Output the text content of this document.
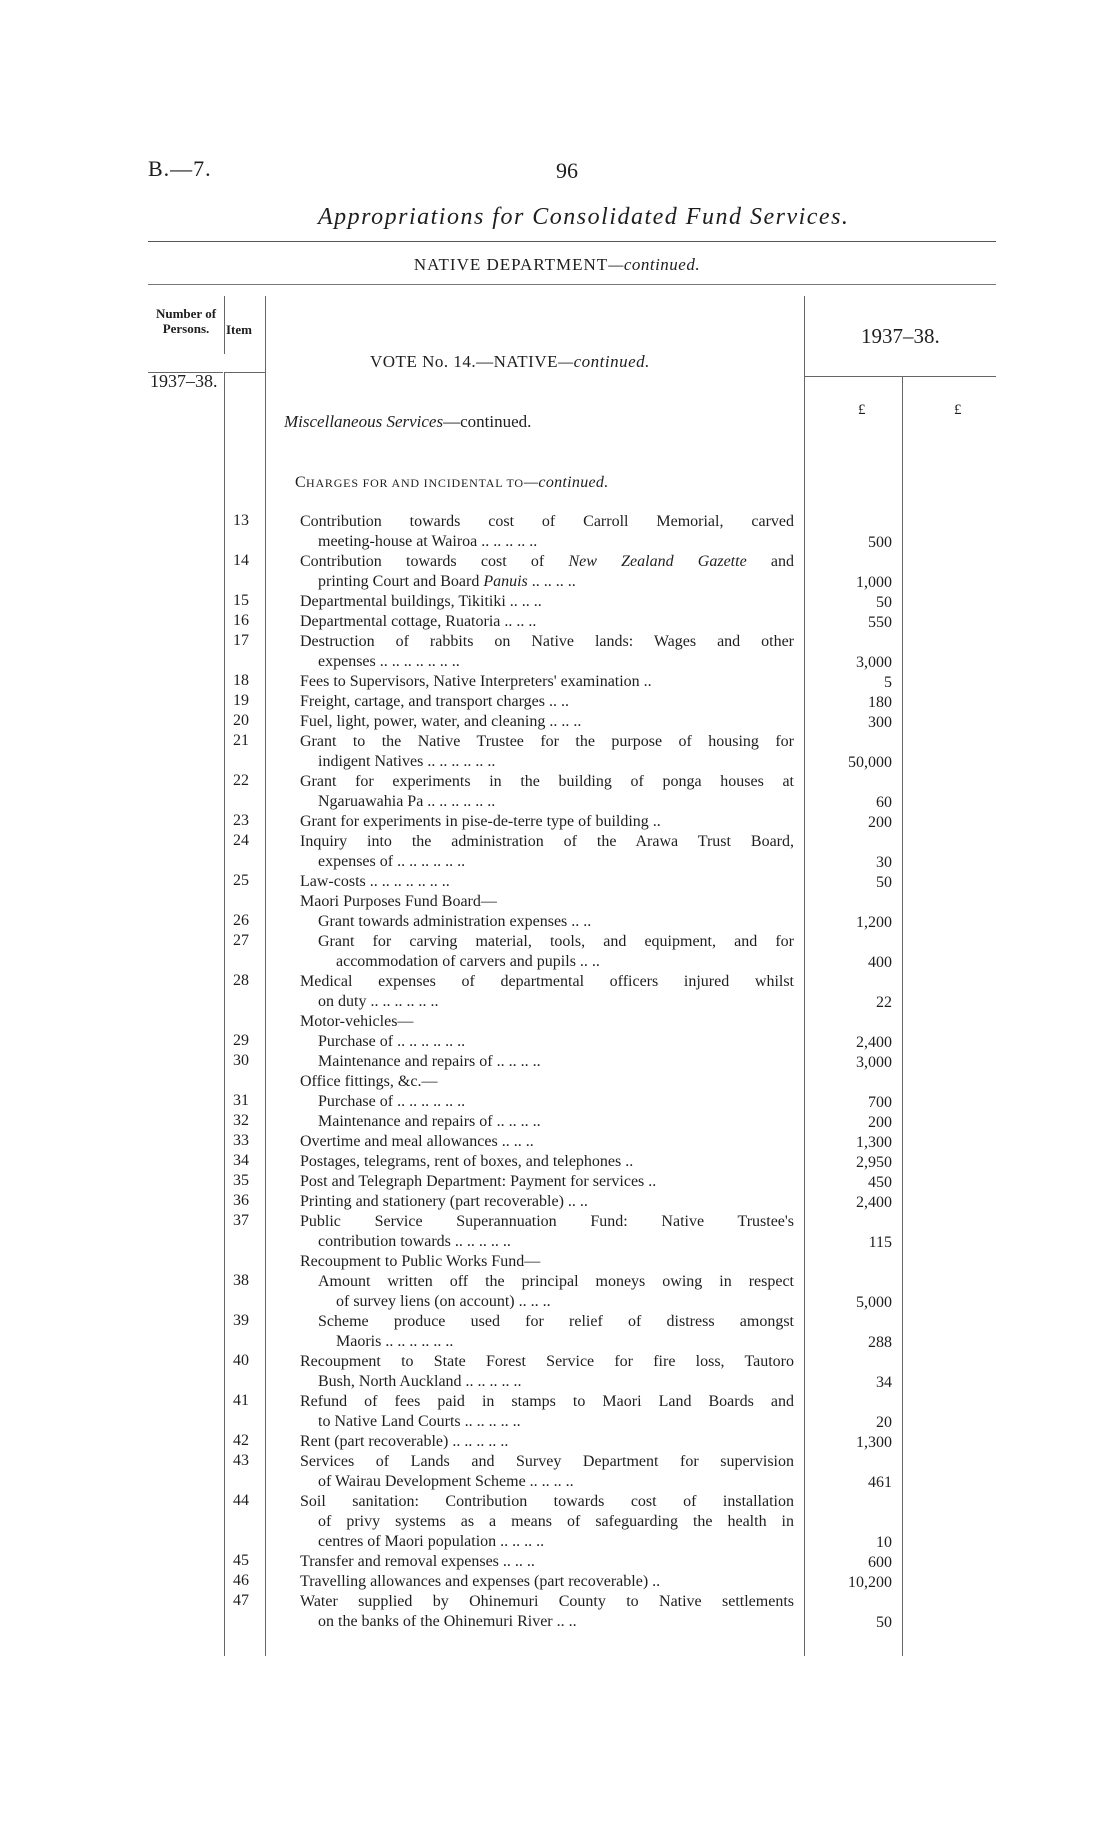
B.—7.	96
Appropriations for Consolidated Fund Services.
NATIVE DEPARTMENT—continued.
Number of Persons.	Item
VOTE No. 14.—NATIVE—continued.
1937–38.
1937–38.
£	£
Miscellaneous Services—continued.
CHARGES FOR AND INCIDENTAL TO—continued.
13	Contribution towards cost of Carroll Memorial, carved
meeting-house at Wairoa .. .. .. .. ..	500
14	Contribution towards cost of New Zealand Gazette and
printing Court and Board Panuis .. .. .. ..	1,000
15	Departmental buildings, Tikitiki .. .. ..	50
16	Departmental cottage, Ruatoria .. .. ..	550
17	Destruction of rabbits on Native lands: Wages and other
expenses .. .. .. .. .. .. ..	3,000
18	Fees to Supervisors, Native Interpreters' examination ..	5
19	Freight, cartage, and transport charges .. ..	180
20	Fuel, light, power, water, and cleaning .. .. ..	300
21	Grant to the Native Trustee for the purpose of housing for
indigent Natives .. .. .. .. .. ..	50,000
22	Grant for experiments in the building of ponga houses at
Ngaruawahia Pa .. .. .. .. .. ..	60
23	Grant for experiments in pise-de-terre type of building ..	200
24	Inquiry into the administration of the Arawa Trust Board,
expenses of .. .. .. .. .. ..	30
25	Law-costs .. .. .. .. .. .. ..	50
Maori Purposes Fund Board—
26	Grant towards administration expenses .. ..	1,200
27	Grant for carving material, tools, and equipment, and for
accommodation of carvers and pupils .. ..	400
28	Medical expenses of departmental officers injured whilst
on duty .. .. .. .. .. ..	22
Motor-vehicles—
29	Purchase of .. .. .. .. .. ..	2,400
30	Maintenance and repairs of .. .. .. ..	3,000
Office fittings, &c.—
31	Purchase of .. .. .. .. .. ..	700
32	Maintenance and repairs of .. .. .. ..	200
33	Overtime and meal allowances .. .. ..	1,300
34	Postages, telegrams, rent of boxes, and telephones ..	2,950
35	Post and Telegraph Department: Payment for services ..	450
36	Printing and stationery (part recoverable) .. ..	2,400
37	Public Service Superannuation Fund: Native Trustee's
contribution towards .. .. .. .. ..	115
Recoupment to Public Works Fund—
38	Amount written off the principal moneys owing in respect
of survey liens (on account) .. .. ..	5,000
39	Scheme produce used for relief of distress amongst
Maoris .. .. .. .. .. ..	288
40	Recoupment to State Forest Service for fire loss, Tautoro
Bush, North Auckland .. .. .. .. ..	34
41	Refund of fees paid in stamps to Maori Land Boards and
to Native Land Courts .. .. .. .. ..	20
42	Rent (part recoverable) .. .. .. .. ..	1,300
43	Services of Lands and Survey Department for supervision
of Wairau Development Scheme .. .. .. ..	461
44	Soil sanitation: Contribution towards cost of installation
of privy systems as a means of safeguarding the health in
centres of Maori population .. .. .. ..	10
45	Transfer and removal expenses .. .. ..	600
46	Travelling allowances and expenses (part recoverable) ..	10,200
47	Water supplied by Ohinemuri County to Native settlements
on the banks of the Ohinemuri River .. ..	50
